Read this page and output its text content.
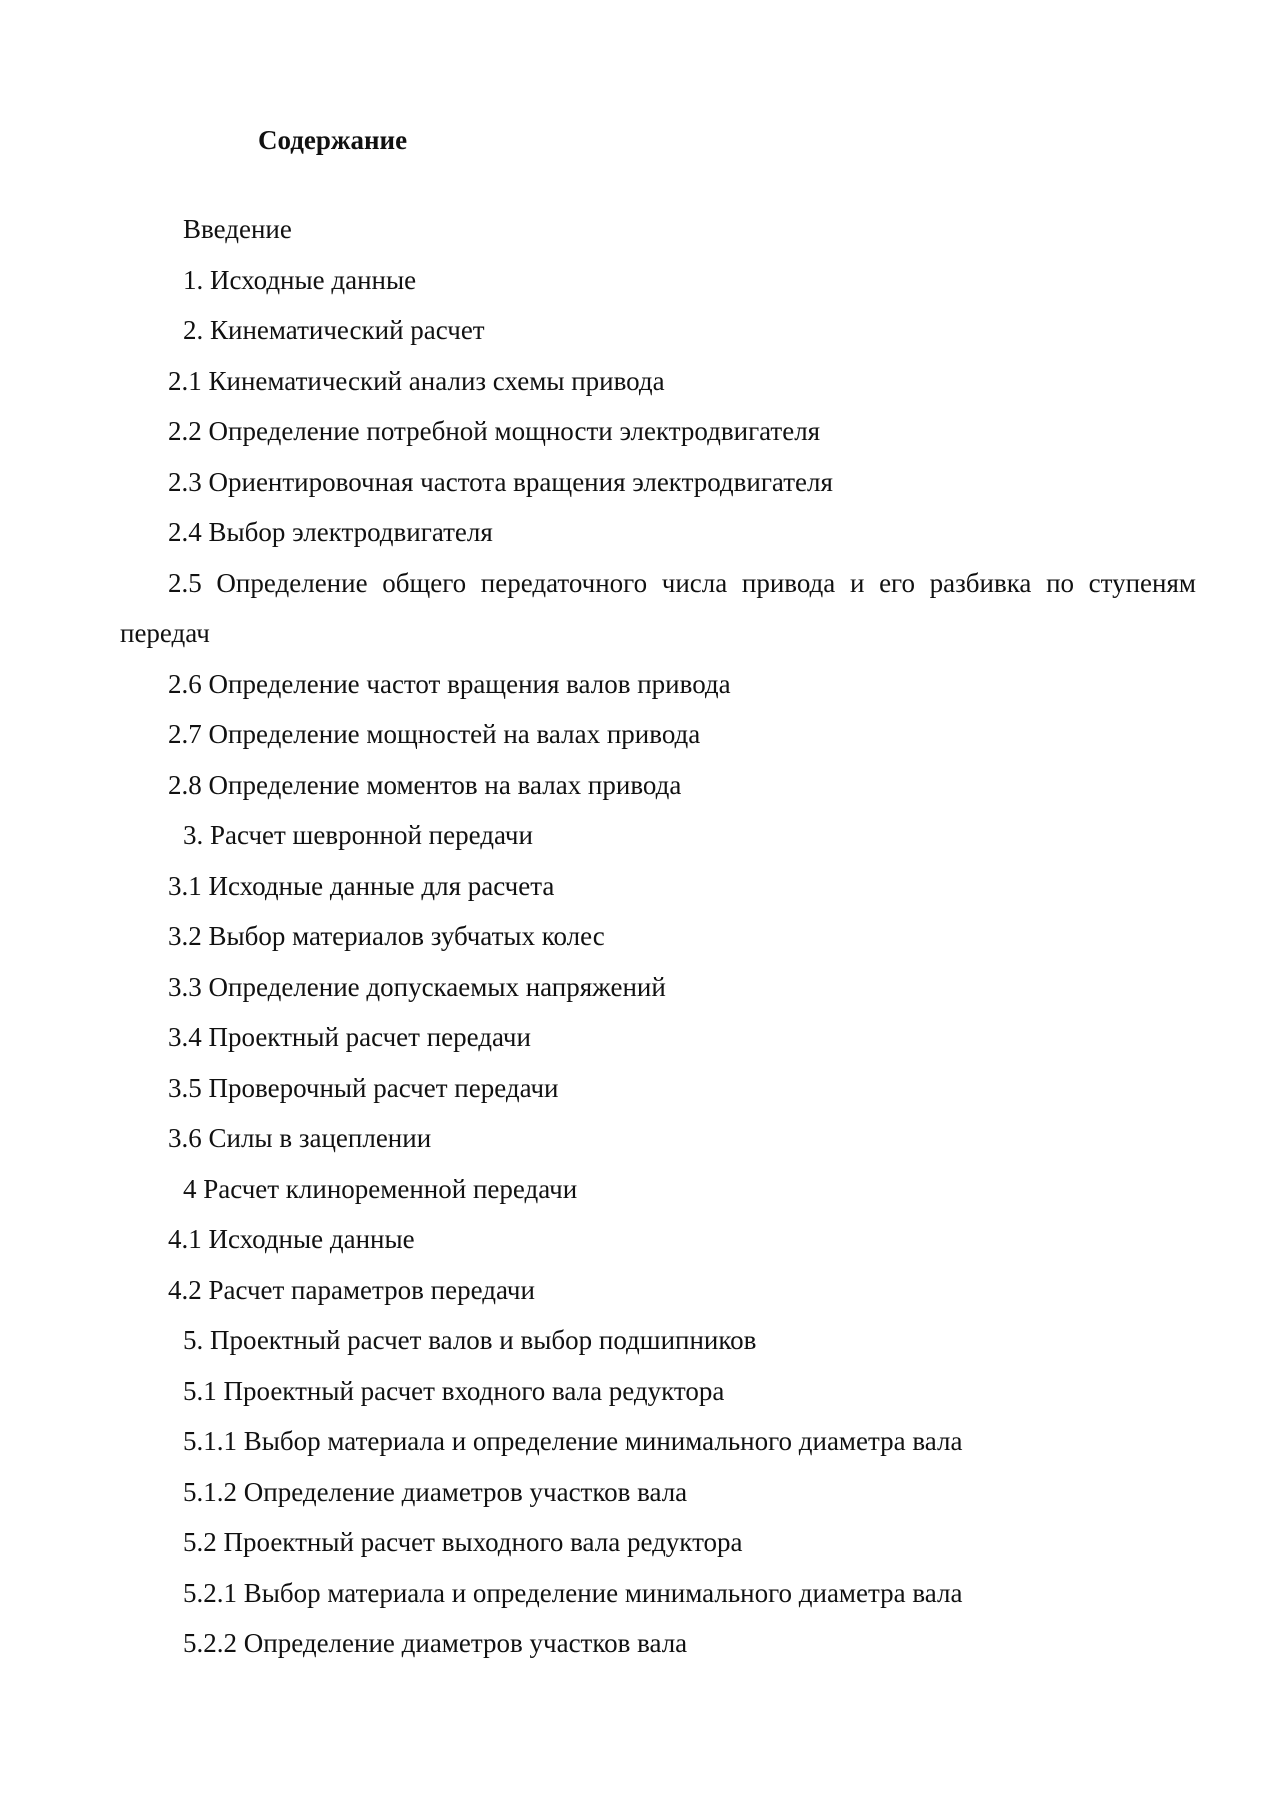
Содержание
Введение
1. Исходные данные
2. Кинематический расчет
2.1 Кинематический анализ схемы привода
2.2 Определение потребной мощности электродвигателя
2.3 Ориентировочная частота вращения электродвигателя
2.4 Выбор электродвигателя
2.5 Определение общего передаточного числа привода и его разбивка по ступеням передач
2.6 Определение частот вращения валов привода
2.7 Определение мощностей на валах привода
2.8 Определение моментов на валах привода
3. Расчет шевронной передачи
3.1 Исходные данные для расчета
3.2 Выбор материалов зубчатых колес
3.3 Определение допускаемых напряжений
3.4 Проектный расчет передачи
3.5 Проверочный расчет передачи
3.6 Силы в зацеплении
4 Расчет клиноременной передачи
4.1 Исходные данные
4.2 Расчет параметров передачи
5. Проектный расчет валов и выбор подшипников
5.1 Проектный расчет входного вала редуктора
5.1.1 Выбор материала и определение минимального диаметра вала
5.1.2 Определение диаметров участков вала
5.2 Проектный расчет выходного вала редуктора
5.2.1 Выбор материала и определение минимального диаметра вала
5.2.2 Определение диаметров участков вала
